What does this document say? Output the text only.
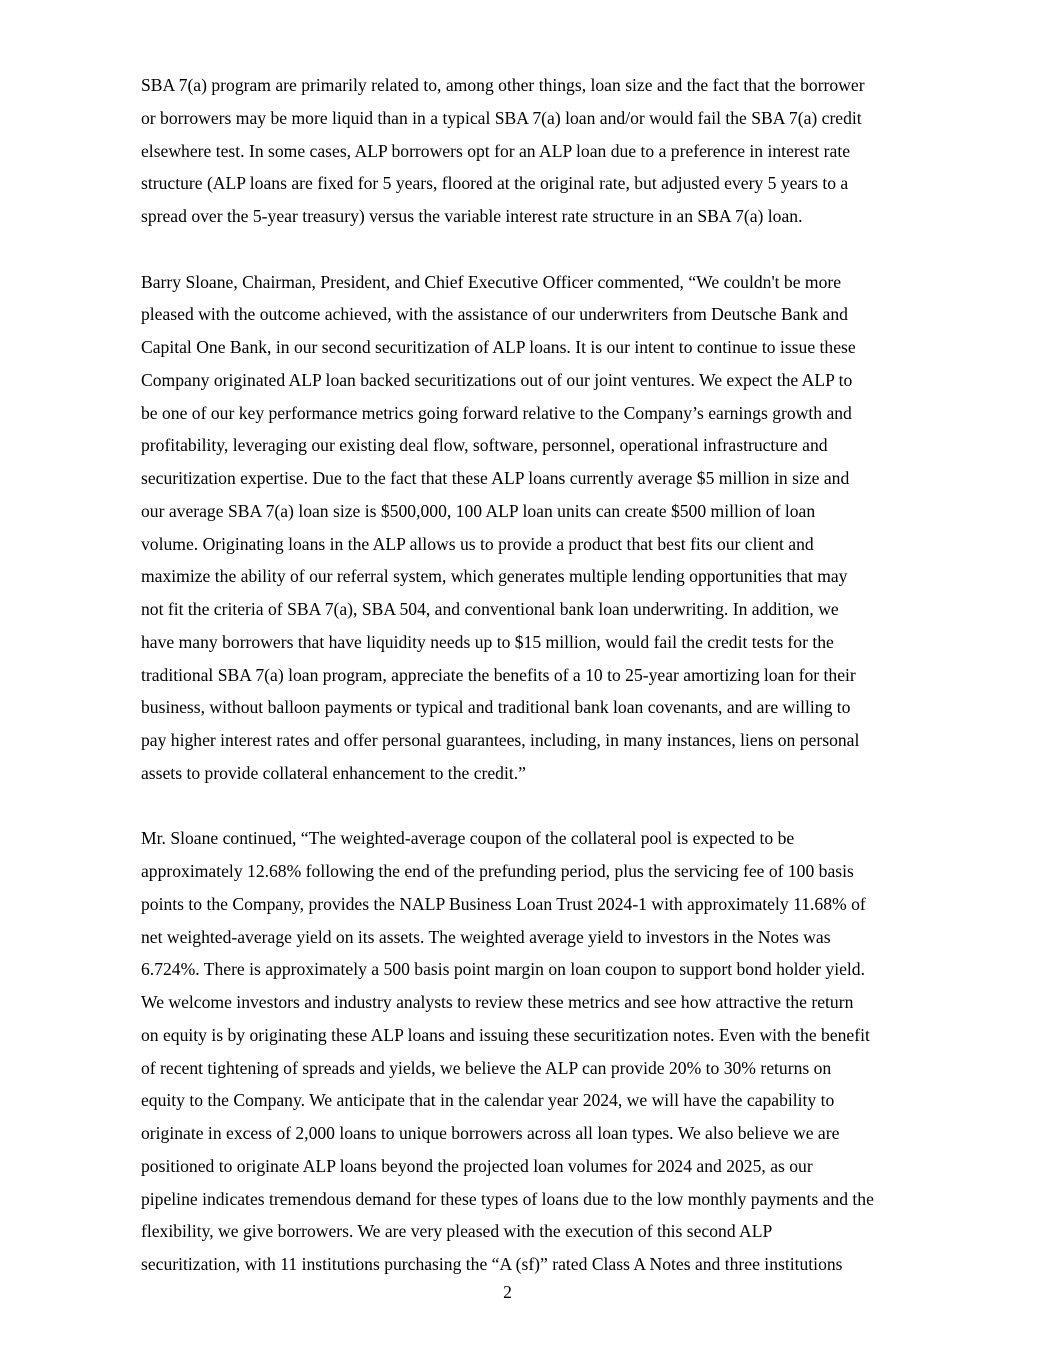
SBA 7(a) program are primarily related to, among other things, loan size and the fact that the borrower
or borrowers may be more liquid than in a typical SBA 7(a) loan and/or would fail the SBA 7(a) credit
elsewhere test. In some cases, ALP borrowers opt for an ALP loan due to a preference in interest rate
structure (ALP loans are fixed for 5 years, floored at the original rate, but adjusted every 5 years to a
spread over the 5-year treasury) versus the variable interest rate structure in an SBA 7(a) loan.

Barry Sloane, Chairman, President, and Chief Executive Officer commented, “We couldn't be more
pleased with the outcome achieved, with the assistance of our underwriters from Deutsche Bank and
Capital One Bank, in our second securitization of ALP loans. It is our intent to continue to issue these
Company originated ALP loan backed securitizations out of our joint ventures. We expect the ALP to
be one of our key performance metrics going forward relative to the Company’s earnings growth and
profitability, leveraging our existing deal flow, software, personnel, operational infrastructure and
securitization expertise. Due to the fact that these ALP loans currently average $5 million in size and
our average SBA 7(a) loan size is $500,000, 100 ALP loan units can create $500 million of loan
volume. Originating loans in the ALP allows us to provide a product that best fits our client and
maximize the ability of our referral system, which generates multiple lending opportunities that may
not fit the criteria of SBA 7(a), SBA 504, and conventional bank loan underwriting. In addition, we
have many borrowers that have liquidity needs up to $15 million, would fail the credit tests for the
traditional SBA 7(a) loan program, appreciate the benefits of a 10 to 25-year amortizing loan for their
business, without balloon payments or typical and traditional bank loan covenants, and are willing to
pay higher interest rates and offer personal guarantees, including, in many instances, liens on personal
assets to provide collateral enhancement to the credit.”

Mr. Sloane continued, “The weighted-average coupon of the collateral pool is expected to be
approximately 12.68% following the end of the prefunding period, plus the servicing fee of 100 basis
points to the Company, provides the NALP Business Loan Trust 2024-1 with approximately 11.68% of
net weighted-average yield on its assets. The weighted average yield to investors in the Notes was
6.724%. There is approximately a 500 basis point margin on loan coupon to support bond holder yield.
We welcome investors and industry analysts to review these metrics and see how attractive the return
on equity is by originating these ALP loans and issuing these securitization notes. Even with the benefit
of recent tightening of spreads and yields, we believe the ALP can provide 20% to 30% returns on
equity to the Company. We anticipate that in the calendar year 2024, we will have the capability to
originate in excess of 2,000 loans to unique borrowers across all loan types. We also believe we are
positioned to originate ALP loans beyond the projected loan volumes for 2024 and 2025, as our
pipeline indicates tremendous demand for these types of loans due to the low monthly payments and the
flexibility, we give borrowers. We are very pleased with the execution of this second ALP
securitization, with 11 institutions purchasing the “A (sf)” rated Class A Notes and three institutions

2
